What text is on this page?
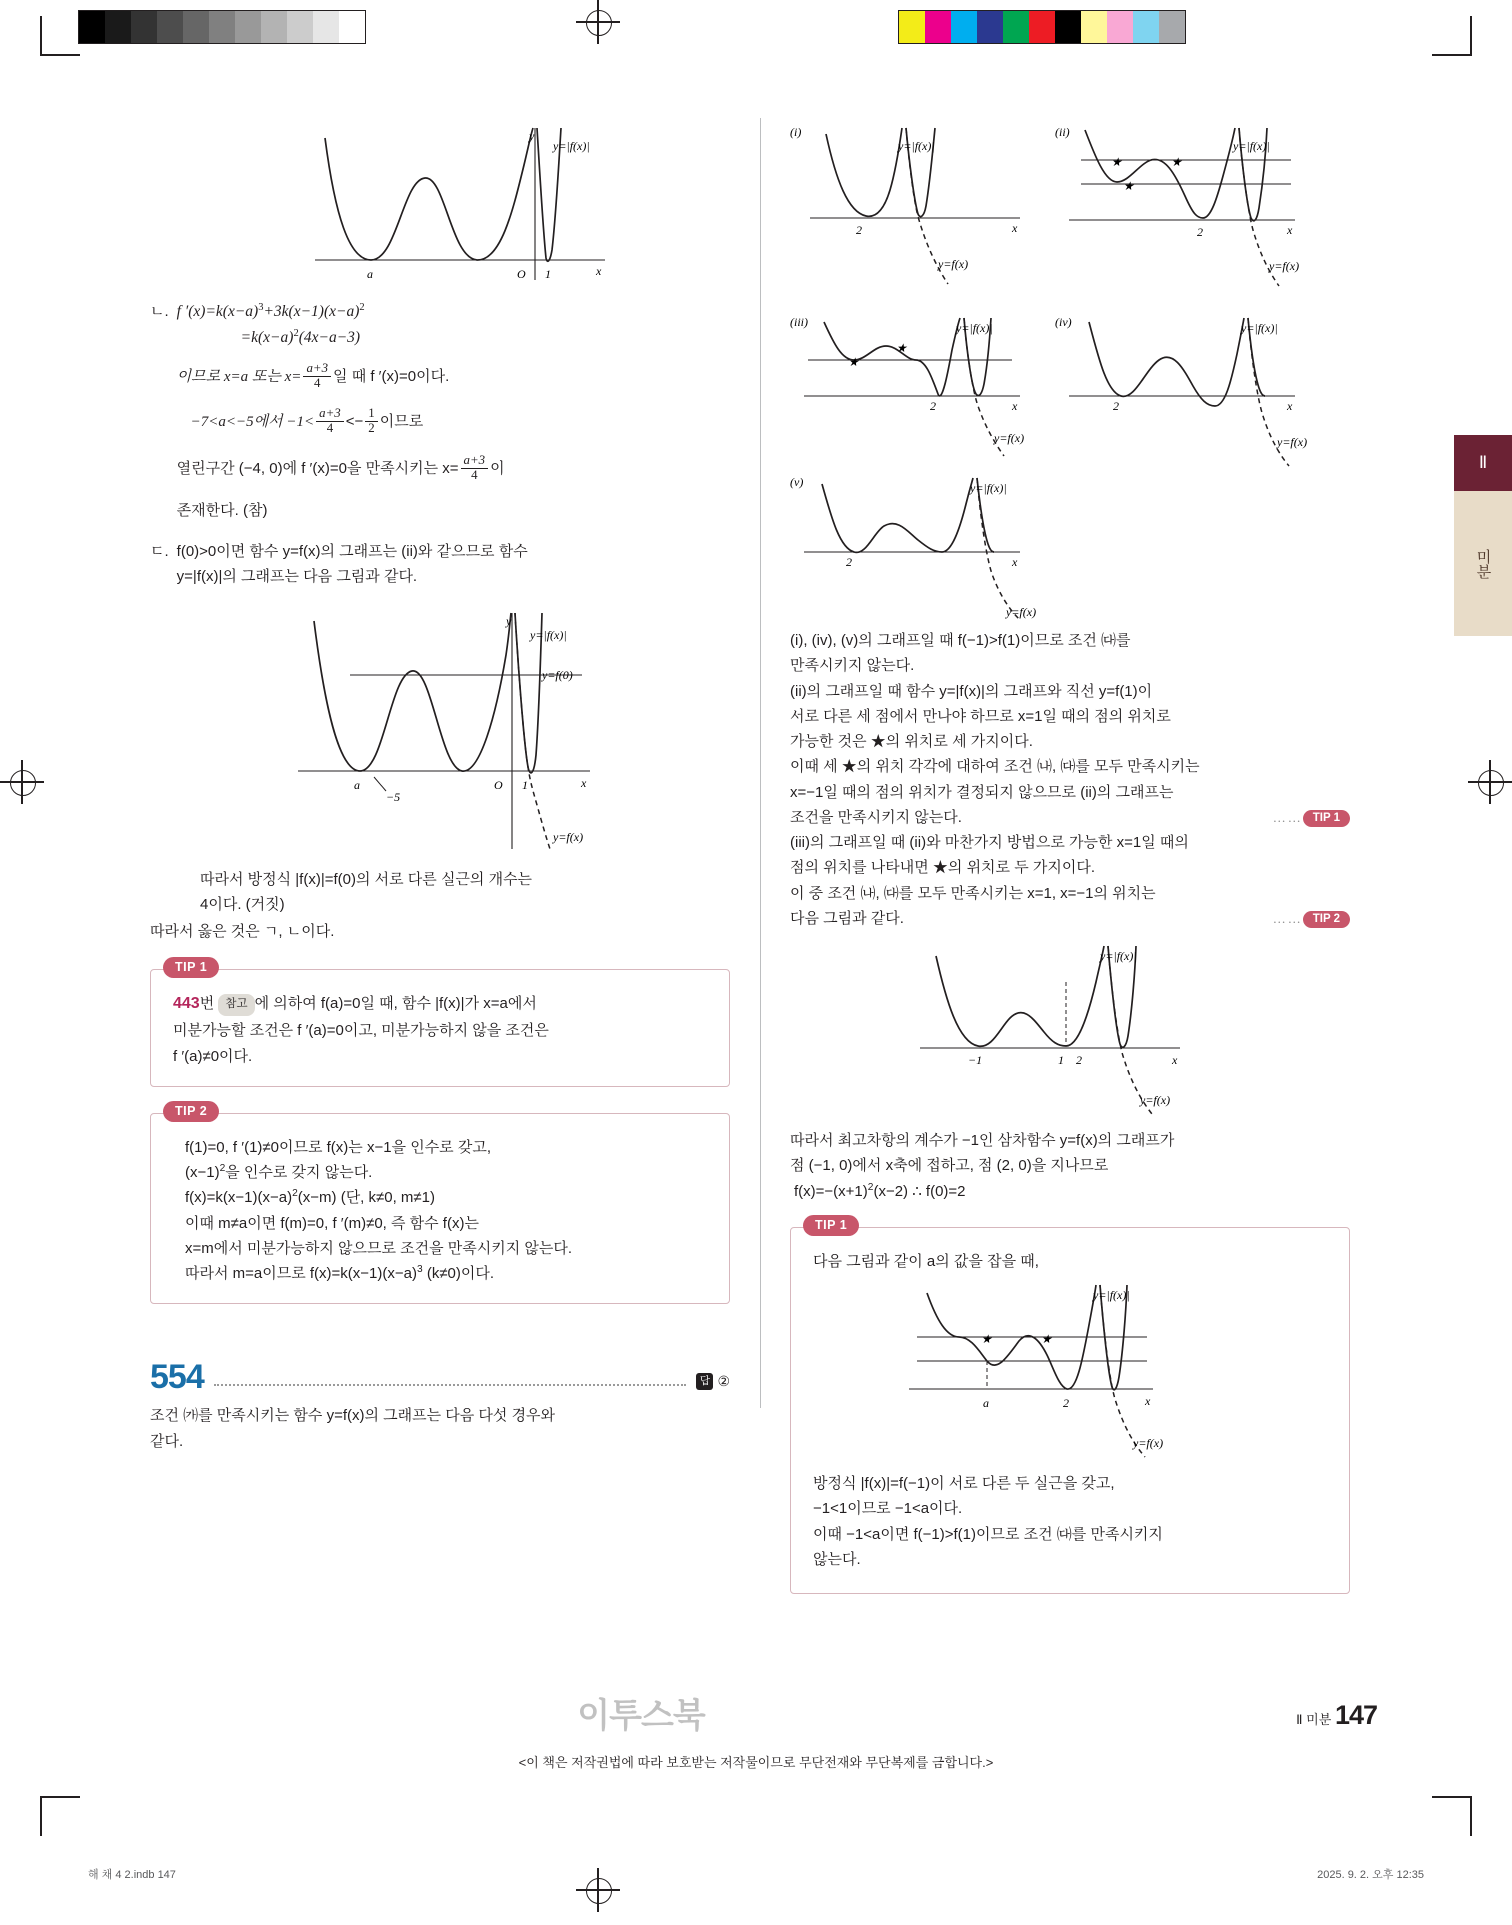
Ⅱ
미분
y
y=|f(x)|
x
a	O 1
ㄴ. f $'(x)=k(x-a)^3+3k(x-1)(x-a)^2$

$=k(x-a)^2(4x-a-3)$

이므로 x=a 또는 $x= \frac{a+3}{4}$ 일 때 f ′(x)=0이다.

−7<a<−5에서 $-1< \frac{a+3}{4} <- \frac{1}{2}$ 이므로

열린구간 (−4, 0)에 f ′(x)=0을 만족시키는 $x= \frac{a+3}{4}$ 이

존재한다. (참)

ㄷ. f(0)>0이면 함수 y=f(x)의 그래프는 (ii)와 같으므로 함수

y=|f(x)|의 그래프는 다음 그림과 같다.

y
y=|f(x)|
y=f(0)
y=f(x)
x
a
−5
O 1

따라서 방정식 |f(x)|=f(0)의 서로 다른 실근의 개수는

4이다. (거짓)

따라서 옳은 것은 ㄱ, ㄴ이다.

TIP 1

443번 참고 에 의하여 f(a)=0일 때, 함수 |f(x)|가 x=a에서

미분가능할 조건은 f ′(a)=0이고, 미분가능하지 않을 조건은

f ′(a)≠0이다.

TIP 2

f(1)=0, f ′(1)≠0이므로 f(x)는 x−1을 인수로 갖고,

$(x-1)^2$을 인수로 갖지 않는다.

$f(x)=k(x-1)(x-a)^2(x-m)$ (단, k≠0, m≠1)

이때 m≠a이면 f(m)=0, f ′(m)≠0, 즉 함수 f(x)는

x=m에서 미분가능하지 않으므로 조건을 만족시키지 않는다.

따라서 m=a이므로 $f(x)=k(x-1)(x-a)^3$ (k≠0)이다.

554	답 ②

조건 ㈎를 만족시키는 함수 y=f(x)의 그래프는 다음 다섯 경우와

같다.

(i)
y=|f(x)|
y=f(x)
2	x
(ii)
y=|f(x)|
y=f(x)
2	x
★
★
★
(iii)	y=|f(x)|
y=f(x)
2	x
★
★
(iv)	y=|f(x)|
y=f(x)
2	x
(v)	y=|f(x)|
y=f(x)
2	x

(i), (iv), (v)의 그래프일 때 f(−1)>f(1)이므로 조건 ㈐를

만족시키지 않는다.

(ii)의 그래프일 때 함수 y=|f(x)|의 그래프와 직선 y=f(1)이

서로 다른 세 점에서 만나야 하므로 x=1일 때의 점의 위치로

가능한 것은 ★의 위치로 세 가지이다.

이때 세 ★의 위치 각각에 대하여 조건 ㈏, ㈐를 모두 만족시키는

x=−1일 때의 점의 위치가 결정되지 않으므로 (ii)의 그래프는

조건을 만족시키지 않는다.	…… TIP 1

(iii)의 그래프일 때 (ii)와 마찬가지 방법으로 가능한 x=1일 때의

점의 위치를 나타내면 ★의 위치로 두 가지이다.

이 중 조건 ㈏, ㈐를 모두 만족시키는 x=1, x=−1의 위치는

다음 그림과 같다.	…… TIP 2
y=|f(x)|
y=f(x)
−1	1 2	x

따라서 최고차항의 계수가 −1인 삼차함수 y=f(x)의 그래프가

점 (−1, 0)에서 x축에 접하고, 점 (2, 0)을 지나므로

$f(x)=-(x+1)^2(x-2)$ ∴ f(0)=2

TIP 1

다음 그림과 같이 a의 값을 잡을 때,

★	★
y=|f(x)|
y=f(x)
a	2	x

방정식 |f(x)|=f(−1)이 서로 다른 두 실근을 갖고,

−1<1이므로 −1<a이다.

이때 −1<a이면 f(−1)>f(1)이므로 조건 ㈐를 만족시키지

않는다.

이투스북
<이 책은 저작권법에 따라 보호받는 저작물이므로 무단전재와 무단복제를 금합니다.>
Ⅱ 미분 147
해 채 4 2.indb 147	2025. 9. 2. 오후 12:35
